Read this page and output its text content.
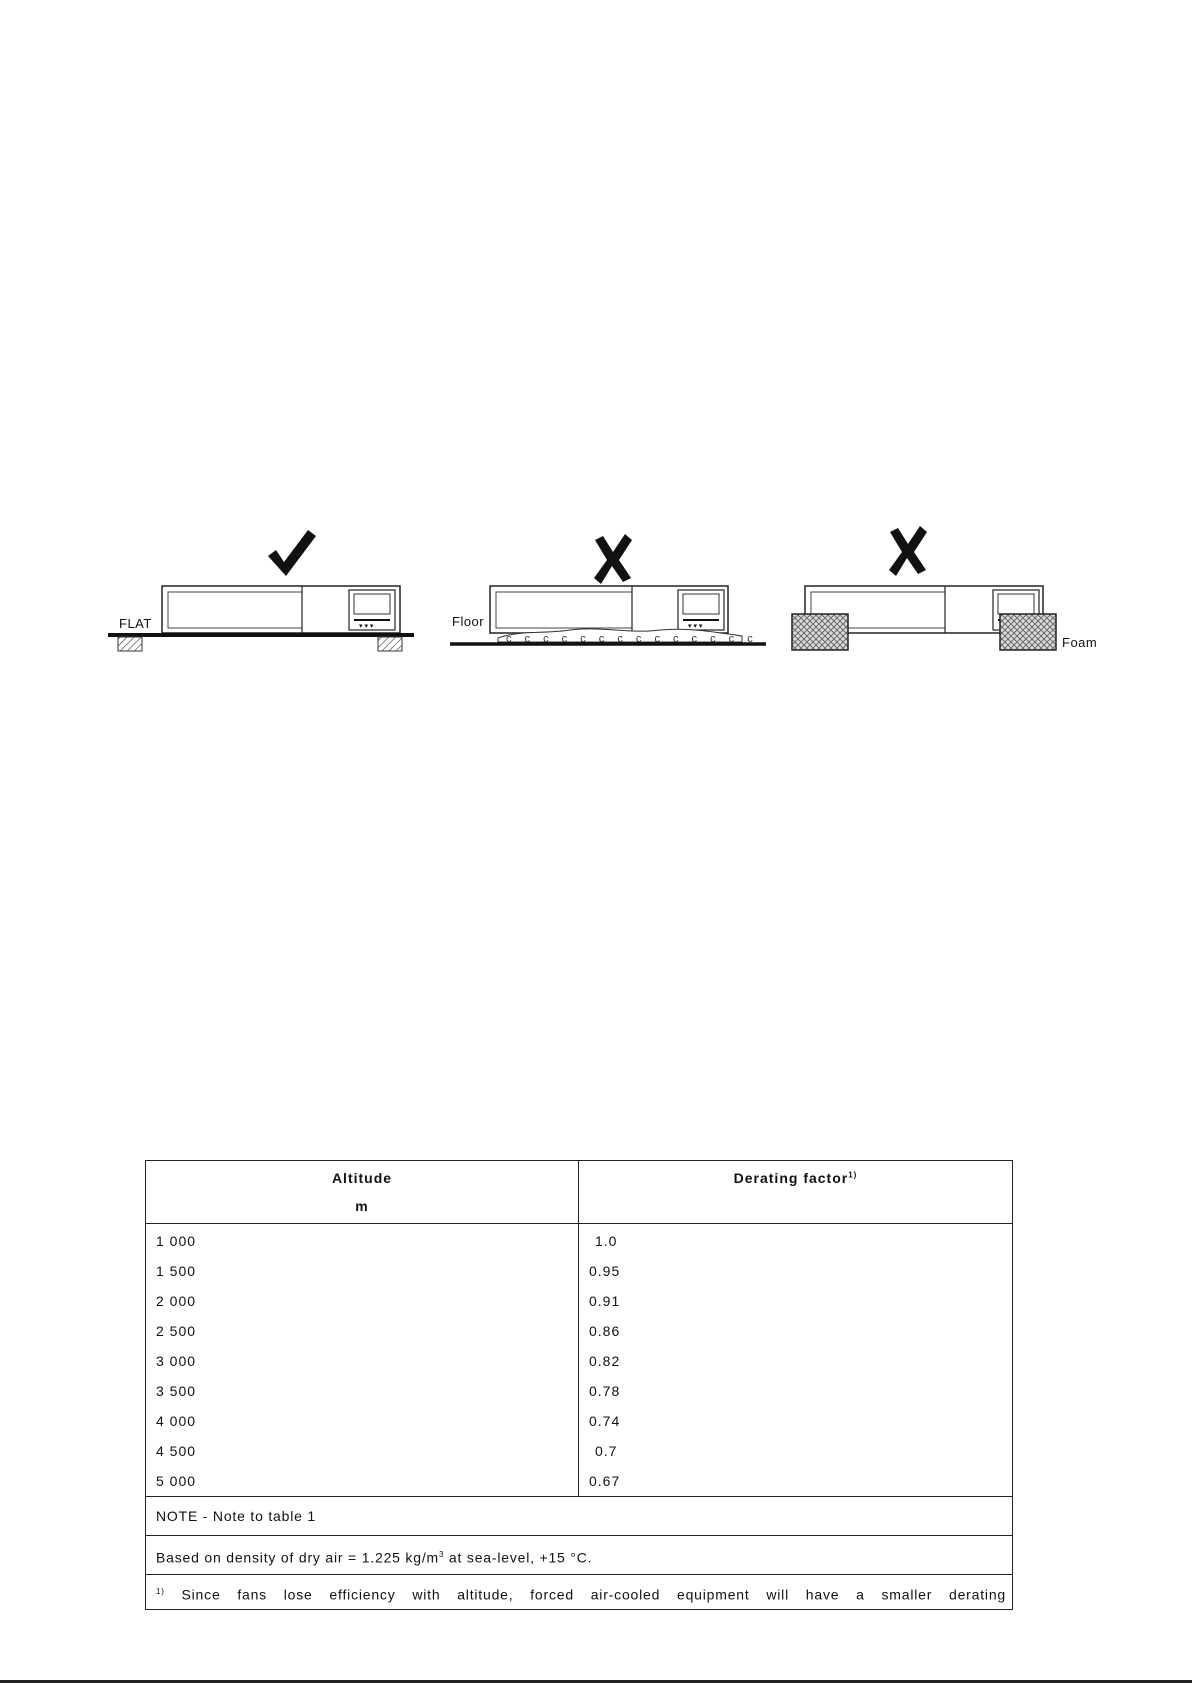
▾ ▾ ▾	▾ ▾ ▾
c c c c c c c c c c c c c c
FLAT	Floor
Foam
Altitude
m
Derating factor$^{1)}$
1 000
1 500
2 000
2 500
3 000
3 500
4 000
4 500
5 000
1.0
0.95
0.91
0.86
0.82
0.78
0.74
0.7
0.67
NOTE - Note to table 1
Based on density of dry air = 1.225 $kg/m^3$ at sea-level, +15 °C.
$^{1)}$ Since fans lose efficiency with altitude, forced air-cooled equipment will have a smaller derating
